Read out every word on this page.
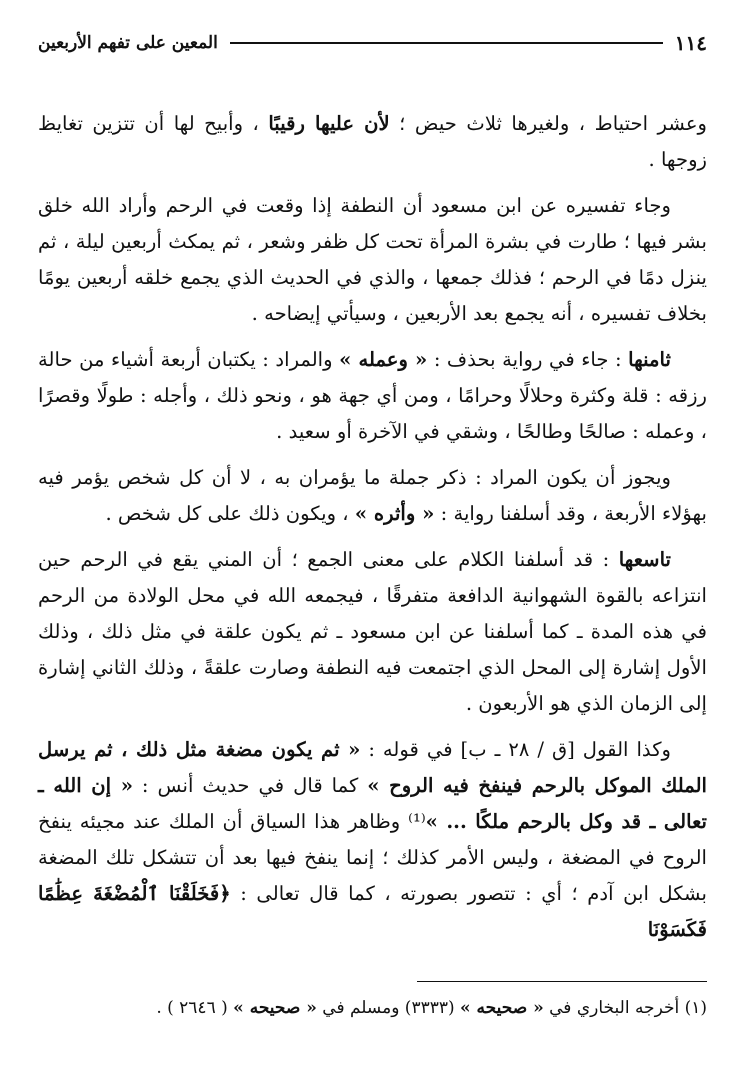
١١٤
المعين على تفهم الأربعين

وعشر احتياط ، ولغيرها ثلاث حيض ؛ لأن عليها رقيبًا ، وأبيح لها أن تتزين تغايظ زوجها .

وجاء تفسيره عن ابن مسعود أن النطفة إذا وقعت في الرحم وأراد الله خلق بشر فيها ؛ طارت في بشرة المرأة تحت كل ظفر وشعر ، ثم يمكث أربعين ليلة ، ثم ينزل دمًا في الرحم ؛ فذلك جمعها ، والذي في الحديث الذي يجمع خلقه أربعين يومًا بخلاف تفسيره ، أنه يجمع بعد الأربعين ، وسيأتي إيضاحه .

ثامنها : جاء في رواية بحذف : « وعمله » والمراد : يكتبان أربعة أشياء من حالة رزقه : قلة وكثرة وحلالًا وحرامًا ، ومن أي جهة هو ، ونحو ذلك ، وأجله : طولًا وقصرًا ، وعمله : صالحًا وطالحًا ، وشقي في الآخرة أو سعيد .

ويجوز أن يكون المراد : ذكر جملة ما يؤمران به ، لا أن كل شخص يؤمر فيه بهؤلاء الأربعة ، وقد أسلفنا رواية : « وأثره » ، ويكون ذلك على كل شخص .

تاسعها : قد أسلفنا الكلام على معنى الجمع ؛ أن المني يقع في الرحم حين انتزاعه بالقوة الشهوانية الدافعة متفرقًا ، فيجمعه الله في محل الولادة من الرحم في هذه المدة ـ كما أسلفنا عن ابن مسعود ـ ثم يكون علقة في مثل ذلك ، وذلك الأول إشارة إلى المحل الذي اجتمعت فيه النطفة وصارت علقةً ، وذلك الثاني إشارة إلى الزمان الذي هو الأربعون .

وكذا القول [ق / ٢٨ ـ ب] في قوله : « ثم يكون مضغة مثل ذلك ، ثم يرسل الملك الموكل بالرحم فينفخ فيه الروح » كما قال في حديث أنس : « إن الله ـ تعالى ـ قد وكل بالرحم ملكًا ... »⁽¹⁾ وظاهر هذا السياق أن الملك عند مجيئه ينفخ الروح في المضغة ، وليس الأمر كذلك ؛ إنما ينفخ فيها بعد أن تتشكل تلك المضغة بشكل ابن آدم ؛ أي : تتصور بصورته ، كما قال تعالى : ﴿فَخَلَقْنَا ٱلْمُضْغَةَ عِظَٰمًا فَكَسَوْنَا

(١) أخرجه البخاري في « صحيحه » (٣٣٣٣) ومسلم في « صحيحه » ( ٢٦٤٦ ) .
